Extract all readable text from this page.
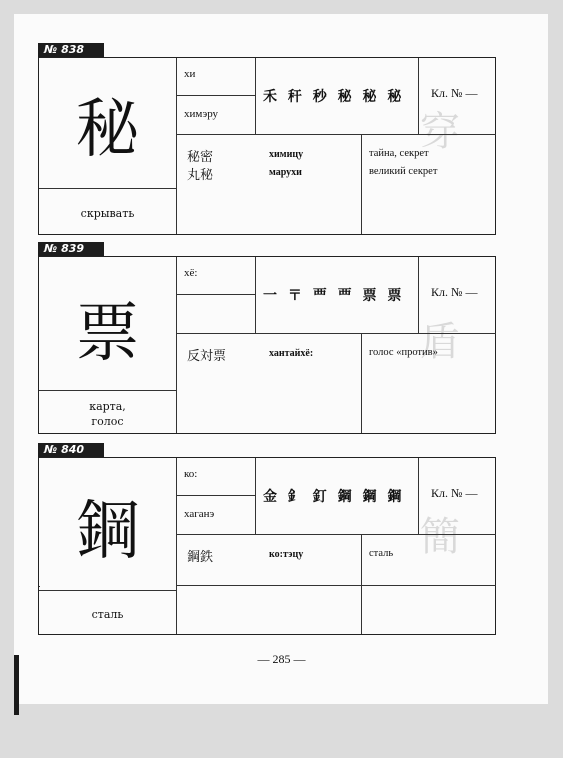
穿
盾
簡
№ 838
秘
скрывать
хи
химэру
禾 秆 秒 秘 秘 秘 Кл. № —
秘密	химицу	тайна, секрет
丸秘	марухи	великий секрет
№ 839
票
карта,
голос
хё:
一 〒 覀 覀 票 票 Кл. № —
反対票	хантайхё:	голос «против»
№ 840
鋼
сталь
ко:
хаганэ
金 釒 釘 鋼 鋼 鋼 Кл. № —
鋼鉄	ко:тэцу	сталь
— 285 —
